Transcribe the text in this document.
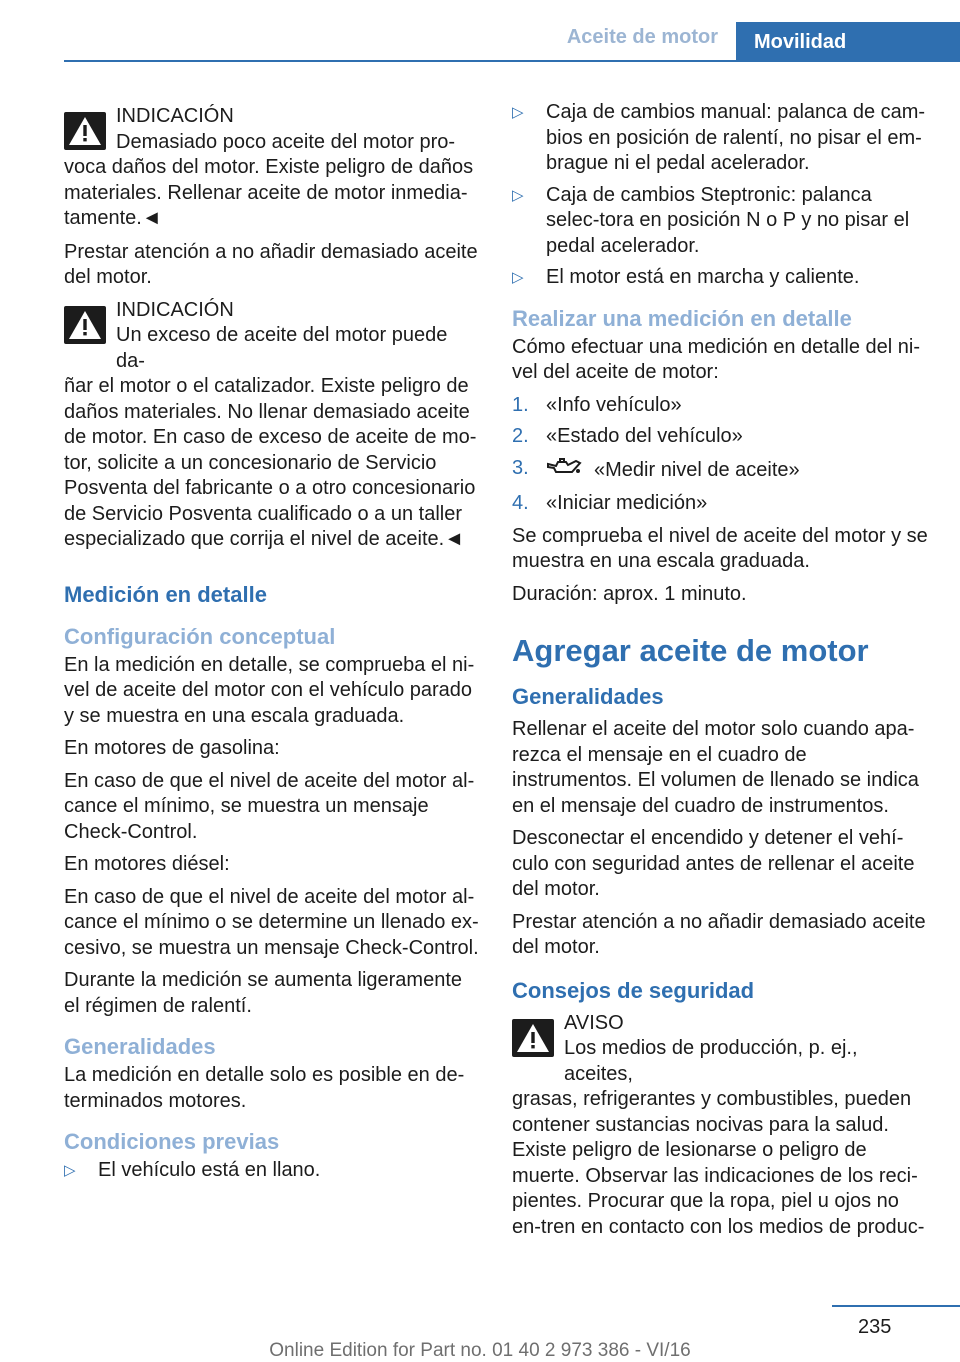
Aceite de motor	Movilidad
INDICACIÓN
Demasiado poco aceite del motor pro-
voca daños del motor. Existe peligro de daños materiales. Rellenar aceite de motor inmedia-tamente.◄

Prestar atención a no añadir demasiado aceite del motor.

INDICACIÓN
Un exceso de aceite del motor puede da-
ñar el motor o el catalizador. Existe peligro de daños materiales. No llenar demasiado aceite de motor. En caso de exceso de aceite de mo-tor, solicite a un concesionario de Servicio Posventa del fabricante o a otro concesionario de Servicio Posventa cualificado o a un taller especializado que corrija el nivel de aceite.◄
Medición en detalle
Configuración conceptual

En la medición en detalle, se comprueba el ni-vel de aceite del motor con el vehículo parado y se muestra en una escala graduada.

En motores de gasolina:

En caso de que el nivel de aceite del motor al-cance el mínimo, se muestra un mensaje Check-Control.

En motores diésel:

En caso de que el nivel de aceite del motor al-cance el mínimo o se determine un llenado ex-cesivo, se muestra un mensaje Check-Control.

Durante la medición se aumenta ligeramente el régimen de ralentí.

Generalidades

La medición en detalle solo es posible en de-terminados motores.

Condiciones previas
▷ El vehículo está en llano.
▷ Caja de cambios manual: palanca de cam-bios en posición de ralentí, no pisar el em-brague ni el pedal acelerador.
▷ Caja de cambios Steptronic: palanca selec-tora en posición N o P y no pisar el pedal acelerador.
▷ El motor está en marcha y caliente.
Realizar una medición en detalle

Cómo efectuar una medición en detalle del ni-vel del aceite de motor:

1. «Info vehículo»
2. «Estado del vehículo»
3.	«Medir nivel de aceite»
4. «Iniciar medición»

Se comprueba el nivel de aceite del motor y se muestra en una escala graduada.

Duración: aprox. 1 minuto.

Agregar aceite de motor
Generalidades

Rellenar el aceite del motor solo cuando apa-rezca el mensaje en el cuadro de instrumentos. El volumen de llenado se indica en el mensaje del cuadro de instrumentos.

Desconectar el encendido y detener el vehí-culo con seguridad antes de rellenar el aceite del motor.

Prestar atención a no añadir demasiado aceite del motor.

Consejos de seguridad
AVISO
Los medios de producción, p. ej., aceites,
grasas, refrigerantes y combustibles, pueden contener sustancias nocivas para la salud. Existe peligro de lesionarse o peligro de muerte. Observar las indicaciones de los reci-pientes. Procurar que la ropa, piel u ojos no en-tren en contacto con los medios de produc-
235
Online Edition for Part no. 01 40 2 973 386 - VI/16
